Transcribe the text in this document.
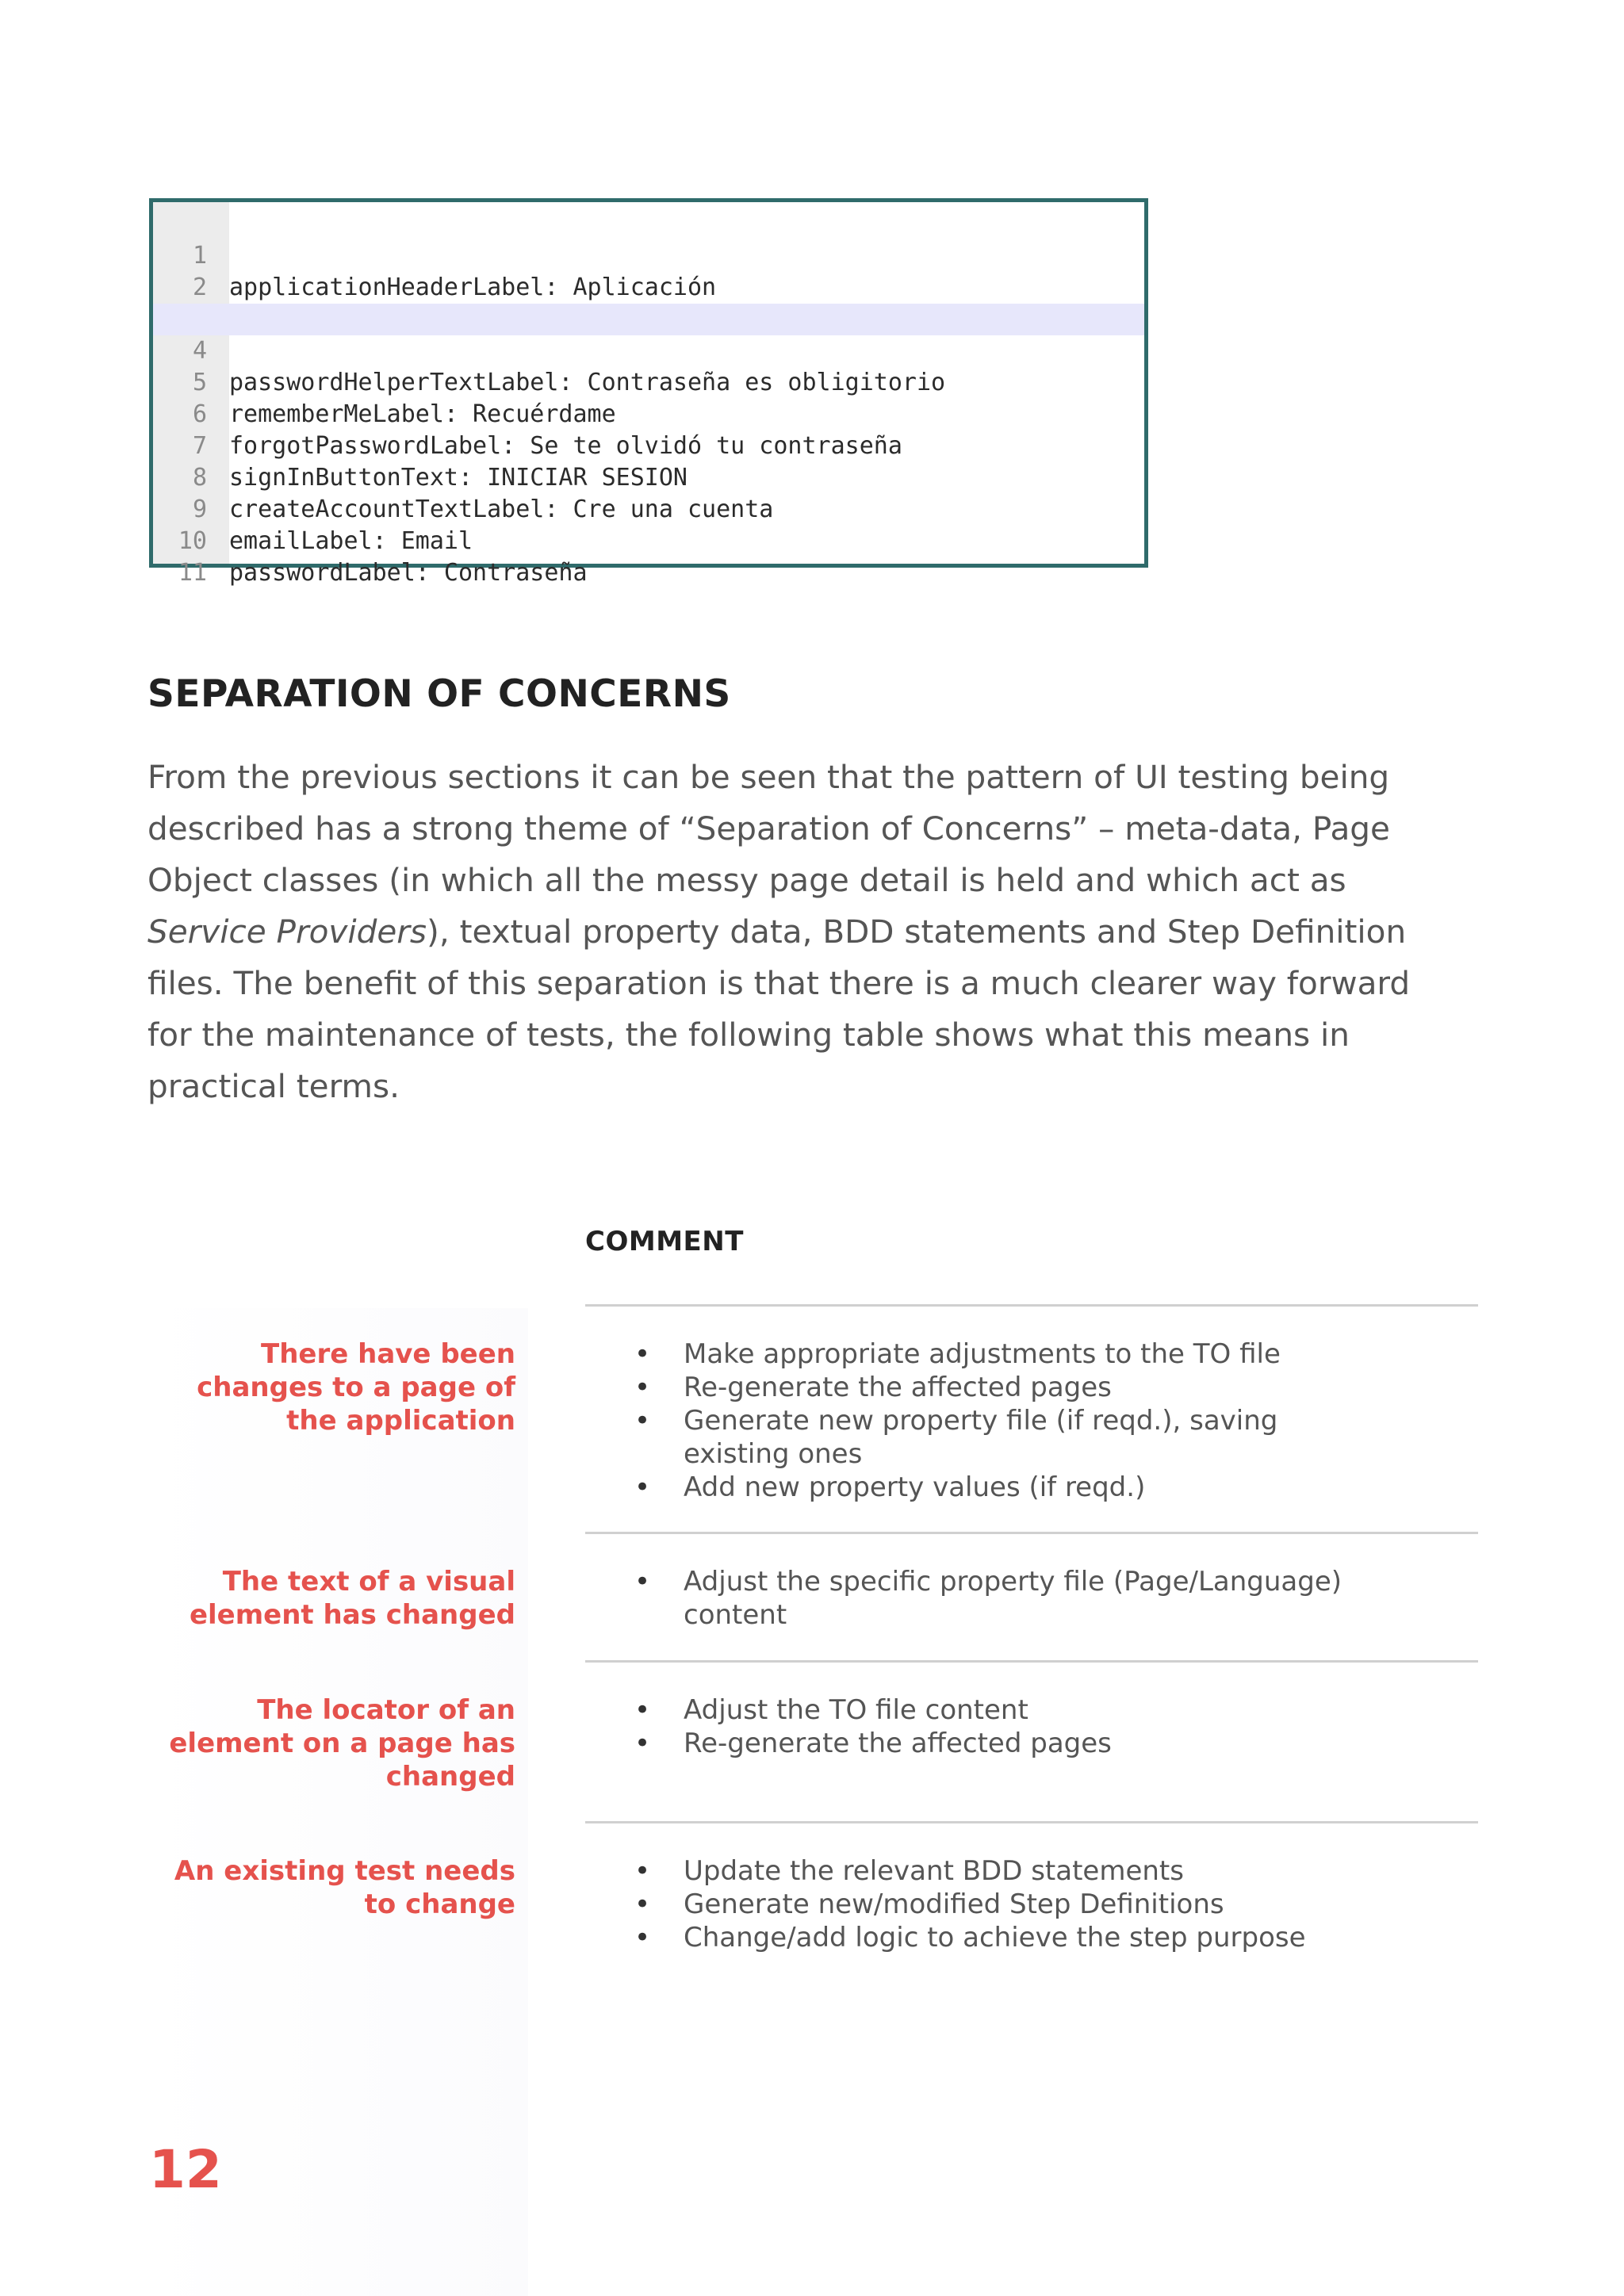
1

applicationHeaderLabel: Aplicación

2

4

passwordHelperTextLabel: Contraseña es obligitorio

5

rememberMeLabel: Recuérdame

6

forgotPasswordLabel: Se te olvidó tu contraseña

7

signInButtonText: INICIAR SESION

8

createAccountTextLabel: Cre una cuenta

9

emailLabel: Email

10

passwordLabel: Contraseña

11

SEPARATION OF CONCERNS

From the previous sections it can be seen that the pattern of UI testing being
described has a strong theme of “Separation of Concerns” – meta-data, Page
Object classes (in which all the messy page detail is held and which act as
Service Providers), textual property data, BDD statements and Step Definition
files. The benefit of this separation is that there is a much clearer way forward
for the maintenance of tests, the following table shows what this means in
practical terms.

COMMENT
There have been
changes to a page of
the application
• Make appropriate adjustments to the TO file
• Re-generate the affected pages
• Generate new property file (if reqd.), saving
existing ones
• Add new property values (if reqd.)
The text of a visual
element has changed
• Adjust the specific property file (Page/Language)
content
The locator of an
element on a page has
changed
• Adjust the TO file content
• Re-generate the affected pages
An existing test needs
to change
• Update the relevant BDD statements
• Generate new/modified Step Definitions
• Change/add logic to achieve the step purpose
12
